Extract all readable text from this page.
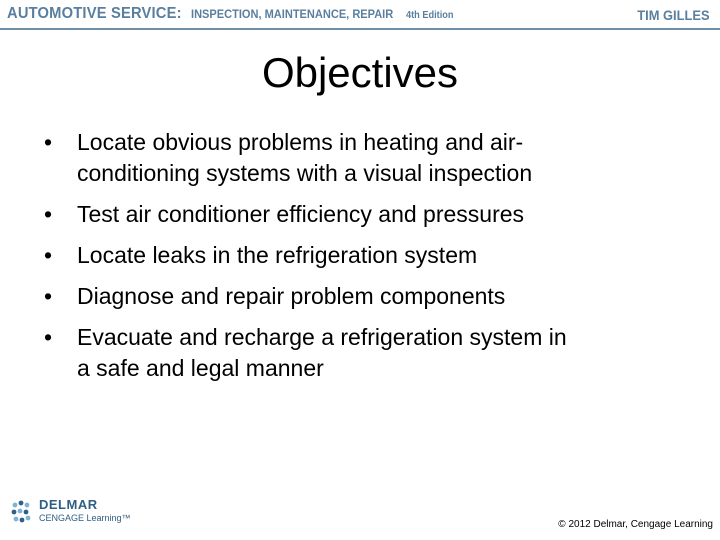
AUTOMOTIVE SERVICE: INSPECTION, MAINTENANCE, REPAIR 4th Edition	TIM GILLES
Objectives
• Locate obvious problems in heating and air-
conditioning systems with a visual inspection
• Test air conditioner efficiency and pressures
• Locate leaks in the refrigeration system
• Diagnose and repair problem components
• Evacuate and recharge a refrigeration system in
a safe and legal manner
DELMAR
CENGAGE Learning™
© 2012 Delmar, Cengage Learning
